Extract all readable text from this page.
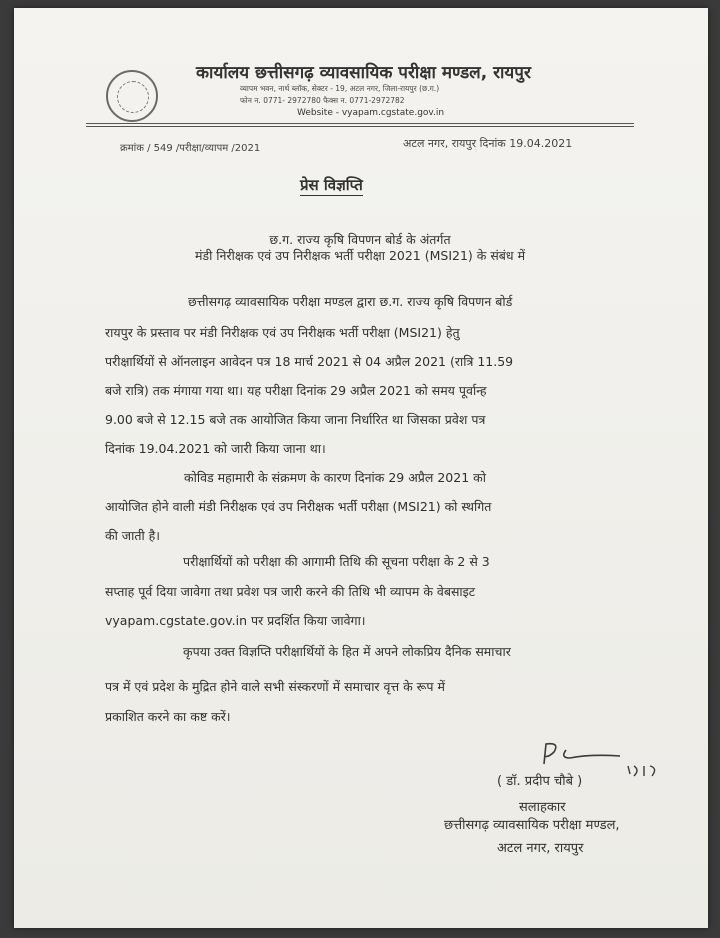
कार्यालय छत्तीसगढ़ व्यावसायिक परीक्षा मण्डल, रायपुर
व्यापम भवन, नार्थ ब्लॉक, सेक्टर - 19, अटल नगर, जिला-रायपुर (छ.ग.)
फोन न. 0771- 2972780 फैक्स न. 0771-2972782
Website - vyapam.cgstate.gov.in
क्रमांक / 549 /परीक्षा/व्यापम /2021	अटल नगर, रायपुर दिनांक 19.04.2021
प्रेस विज्ञप्ति
छ.ग. राज्य कृषि विपणन बोर्ड के अंतर्गत
मंडी निरीक्षक एवं उप निरीक्षक भर्ती परीक्षा 2021 (MSI21) के संबंध में
छत्तीसगढ़ व्यावसायिक परीक्षा मण्डल द्वारा छ.ग. राज्य कृषि विपणन बोर्ड
रायपुर के प्रस्ताव पर मंडी निरीक्षक एवं उप निरीक्षक भर्ती परीक्षा (MSI21) हेतु
परीक्षार्थियों से ऑनलाइन आवेदन पत्र 18 मार्च 2021 से 04 अप्रैल 2021 (रात्रि 11.59
बजे रात्रि) तक मंगाया गया था। यह परीक्षा दिनांक 29 अप्रैल 2021 को समय पूर्वान्ह
9.00 बजे से 12.15 बजे तक आयोजित किया जाना निर्धारित था जिसका प्रवेश पत्र
दिनांक 19.04.2021 को जारी किया जाना था।
कोविड महामारी के संक्रमण के कारण दिनांक 29 अप्रैल 2021 को
आयोजित होने वाली मंडी निरीक्षक एवं उप निरीक्षक भर्ती परीक्षा (MSI21) को स्थगित
की जाती है।
परीक्षार्थियों को परीक्षा की आगामी तिथि की सूचना परीक्षा के 2 से 3
सप्ताह पूर्व दिया जावेगा तथा प्रवेश पत्र जारी करने की तिथि भी व्यापम के वेबसाइट
vyapam.cgstate.gov.in पर प्रदर्शित किया जावेगा।
कृपया उक्त विज्ञप्ति परीक्षार्थियों के हित में अपने लोकप्रिय दैनिक समाचार
पत्र में एवं प्रदेश के मुद्रित होने वाले सभी संस्करणों में समाचार वृत्त के रूप में
प्रकाशित करने का कष्ट करें।
( डॉ. प्रदीप चौबे )
सलाहकार
छत्तीसगढ़ व्यावसायिक परीक्षा मण्डल,
अटल नगर, रायपुर
